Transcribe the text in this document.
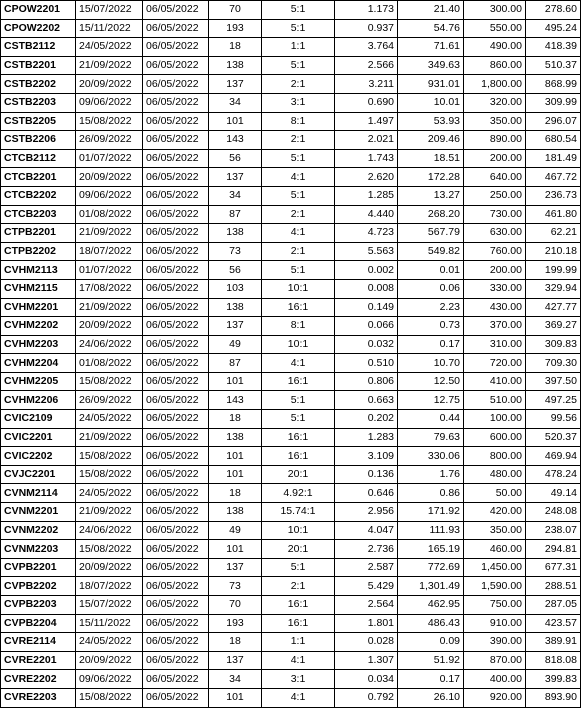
CPOW2201	15/07/2022	06/05/2022	70	5:1	1.173	21.40	300.00	278.60
CPOW2202	15/11/2022	06/05/2022	193	5:1	0.937	54.76	550.00	495.24
CSTB2112	24/05/2022	06/05/2022	18	1:1	3.764	71.61	490.00	418.39
CSTB2201	21/09/2022	06/05/2022	138	5:1	2.566	349.63	860.00	510.37
CSTB2202	20/09/2022	06/05/2022	137	2:1	3.211	931.01	1,800.00	868.99
CSTB2203	09/06/2022	06/05/2022	34	3:1	0.690	10.01	320.00	309.99
CSTB2205	15/08/2022	06/05/2022	101	8:1	1.497	53.93	350.00	296.07
CSTB2206	26/09/2022	06/05/2022	143	2:1	2.021	209.46	890.00	680.54
CTCB2112	01/07/2022	06/05/2022	56	5:1	1.743	18.51	200.00	181.49
CTCB2201	20/09/2022	06/05/2022	137	4:1	2.620	172.28	640.00	467.72
CTCB2202	09/06/2022	06/05/2022	34	5:1	1.285	13.27	250.00	236.73
CTCB2203	01/08/2022	06/05/2022	87	2:1	4.440	268.20	730.00	461.80
CTPB2201	21/09/2022	06/05/2022	138	4:1	4.723	567.79	630.00	62.21
CTPB2202	18/07/2022	06/05/2022	73	2:1	5.563	549.82	760.00	210.18
CVHM2113	01/07/2022	06/05/2022	56	5:1	0.002	0.01	200.00	199.99
CVHM2115	17/08/2022	06/05/2022	103	10:1	0.008	0.06	330.00	329.94
CVHM2201	21/09/2022	06/05/2022	138	16:1	0.149	2.23	430.00	427.77
CVHM2202	20/09/2022	06/05/2022	137	8:1	0.066	0.73	370.00	369.27
CVHM2203	24/06/2022	06/05/2022	49	10:1	0.032	0.17	310.00	309.83
CVHM2204	01/08/2022	06/05/2022	87	4:1	0.510	10.70	720.00	709.30
CVHM2205	15/08/2022	06/05/2022	101	16:1	0.806	12.50	410.00	397.50
CVHM2206	26/09/2022	06/05/2022	143	5:1	0.663	12.75	510.00	497.25
CVIC2109	24/05/2022	06/05/2022	18	5:1	0.202	0.44	100.00	99.56
CVIC2201	21/09/2022	06/05/2022	138	16:1	1.283	79.63	600.00	520.37
CVIC2202	15/08/2022	06/05/2022	101	16:1	3.109	330.06	800.00	469.94
CVJC2201	15/08/2022	06/05/2022	101	20:1	0.136	1.76	480.00	478.24
CVNM2114	24/05/2022	06/05/2022	18	4.92:1	0.646	0.86	50.00	49.14
CVNM2201	21/09/2022	06/05/2022	138	15.74:1	2.956	171.92	420.00	248.08
CVNM2202	24/06/2022	06/05/2022	49	10:1	4.047	111.93	350.00	238.07
CVNM2203	15/08/2022	06/05/2022	101	20:1	2.736	165.19	460.00	294.81
CVPB2201	20/09/2022	06/05/2022	137	5:1	2.587	772.69	1,450.00	677.31
CVPB2202	18/07/2022	06/05/2022	73	2:1	5.429	1,301.49	1,590.00	288.51
CVPB2203	15/07/2022	06/05/2022	70	16:1	2.564	462.95	750.00	287.05
CVPB2204	15/11/2022	06/05/2022	193	16:1	1.801	486.43	910.00	423.57
CVRE2114	24/05/2022	06/05/2022	18	1:1	0.028	0.09	390.00	389.91
CVRE2201	20/09/2022	06/05/2022	137	4:1	1.307	51.92	870.00	818.08
CVRE2202	09/06/2022	06/05/2022	34	3:1	0.034	0.17	400.00	399.83
CVRE2203	15/08/2022	06/05/2022	101	4:1	0.792	26.10	920.00	893.90
